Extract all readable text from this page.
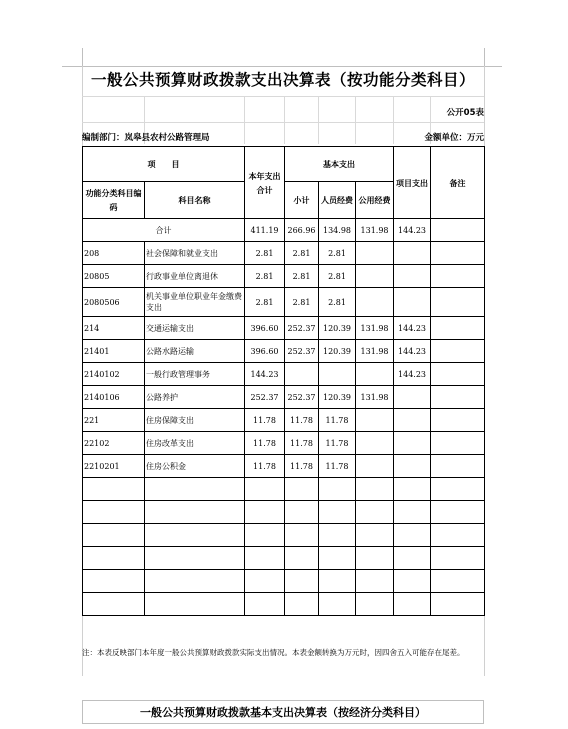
一般公共预算财政拨款支出决算表（按功能分类科目）
公开05表
编制部门：岚皋县农村公路管理局	金额单位：万元
项　　目		本年支出合计	基本支出			项目支出	备注
功能分类科目编码	科目名称		小计	人员经费	公用经费		
合计		411.19	266.96	134.98	131.98	144.23	
208	社会保障和就业支出	2.81	2.81	2.81			
20805	行政事业单位离退休	2.81	2.81	2.81			
2080506	机关事业单位职业年金缴费支出	2.81	2.81	2.81			
214	交通运输支出	396.60	252.37	120.39	131.98	144.23	
21401	公路水路运输	396.60	252.37	120.39	131.98	144.23	
2140102	一般行政管理事务	144.23				144.23	
2140106	公路养护	252.37	252.37	120.39	131.98		
221	住房保障支出	11.78	11.78	11.78			
22102	住房改革支出	11.78	11.78	11.78			
2210201	住房公积金	11.78	11.78	11.78			

注：本表反映部门本年度一般公共预算财政拨款实际支出情况。本表金额转换为万元时，因四舍五入可能存在尾差。
一般公共预算财政拨款基本支出决算表（按经济分类科目）
